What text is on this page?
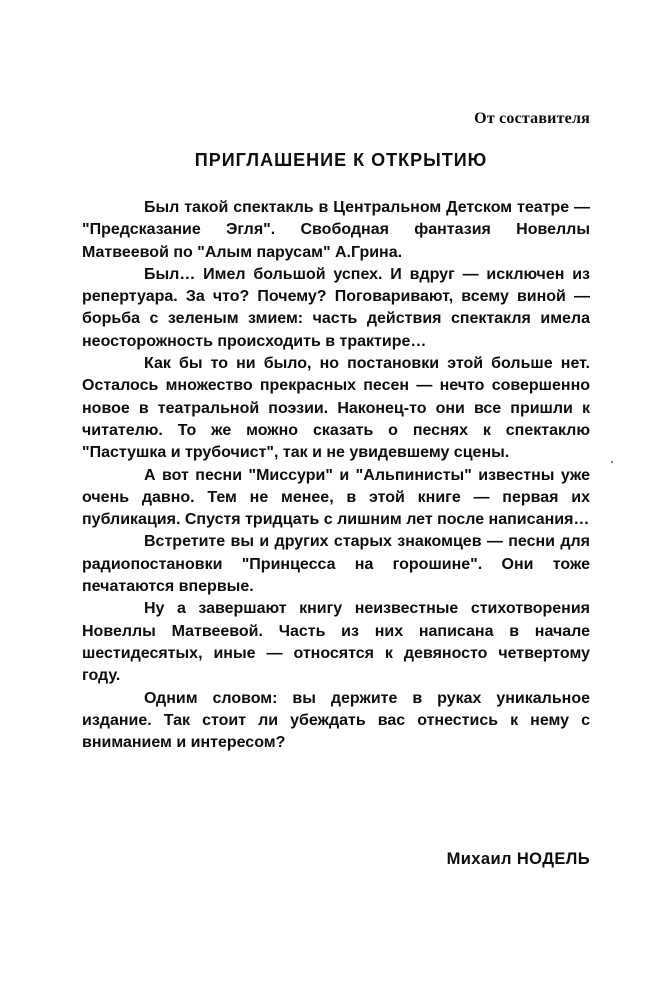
От составителя
ПРИГЛАШЕНИЕ К ОТКРЫТИЮ

Был такой спектакль в Центральном Детском театре — "Предсказание Эгля". Свободная фантазия Новеллы Матвеевой по "Алым парусам" А.Грина.

Был… Имел большой успех. И вдруг — исключен из репертуара. За что? Почему? Поговаривают, всему виной — борьба с зеленым змием: часть действия спектакля имела неосторожность происходить в трактире…

Как бы то ни было, но постановки этой больше нет. Осталось множество прекрасных песен — нечто совершенно новое в театральной поэзии. Наконец-то они все пришли к читателю. То же можно сказать о песнях к спектаклю "Пастушка и трубочист", так и не увидевшему сцены.

А вот песни "Миссури" и "Альпинисты" известны уже очень давно. Тем не менее, в этой книге — первая их публикация. Спустя тридцать с лишним лет после написания…

Встретите вы и других старых знакомцев — песни для радиопостановки "Принцесса на горошине". Они тоже печатаются впервые.

Ну а завершают книгу неизвестные стихотворения Новеллы Матвеевой. Часть из них написана в начале шестидесятых, иные — относятся к девяносто четвертому году.

Одним словом: вы держите в руках уникальное издание. Так стоит ли убеждать вас отнестись к нему с вниманием и интересом?

Михаил НОДЕЛЬ
